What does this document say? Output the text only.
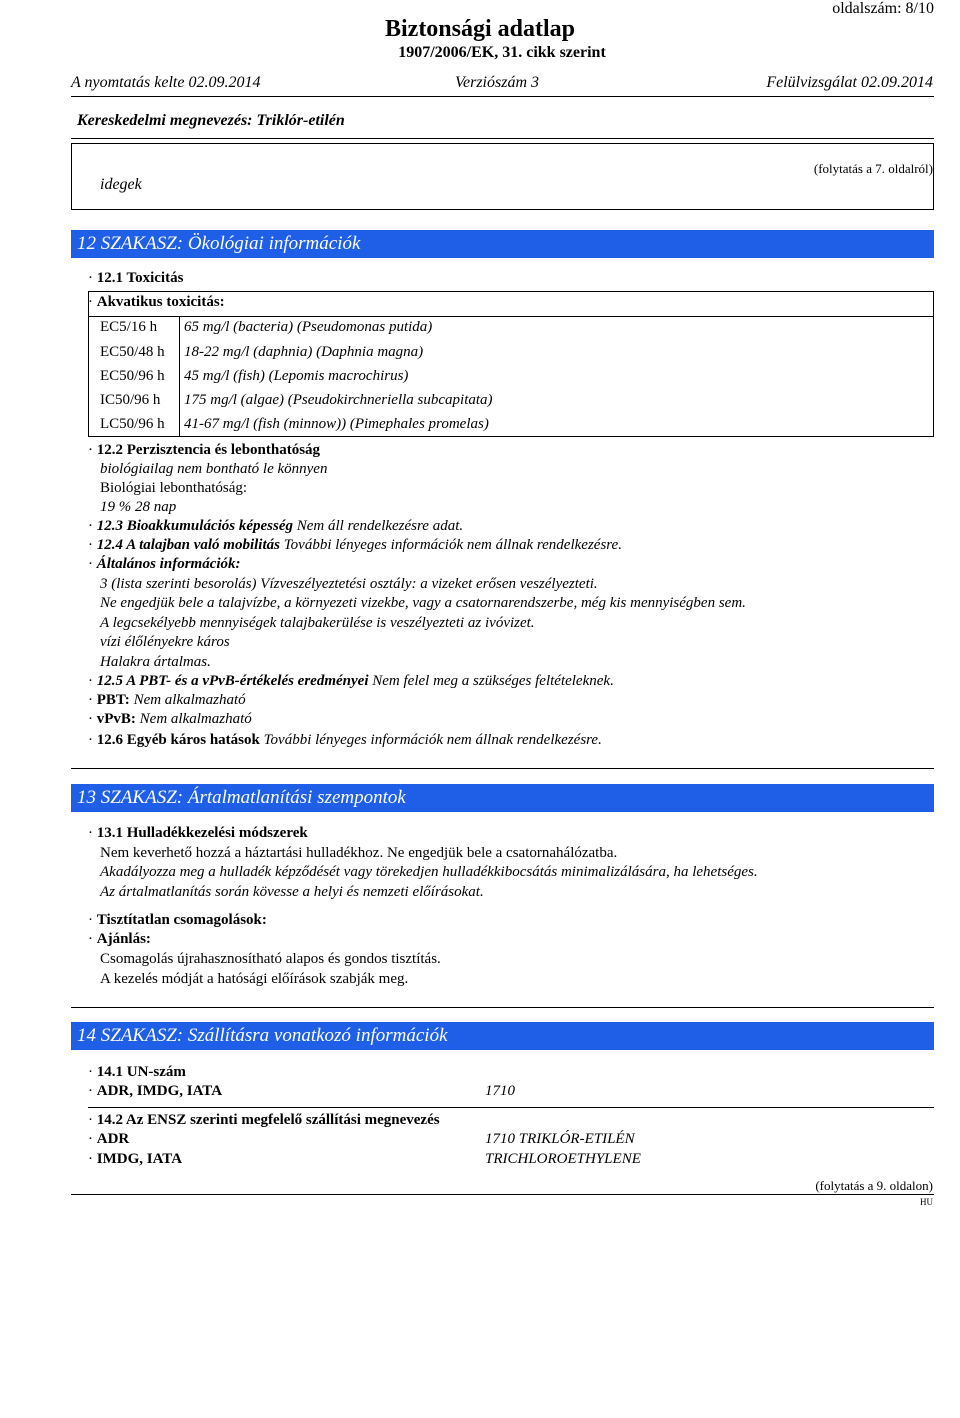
oldalszám: 8/10
Biztonsági adatlap
1907/2006/EK, 31. cikk szerint
A nyomtatás kelte 02.09.2014	Verziószám 3	Felülvizsgálat 02.09.2014
Kereskedelmi megnevezés: Triklór-etilén
idegek
(folytatás a 7. oldalról)
12 SZAKASZ: Ökológiai információk
· 12.1 Toxicitás
· Akvatikus toxicitás:
EC5/16 h 65 mg/l (bacteria) (Pseudomonas putida)
EC50/48 h 18-22 mg/l (daphnia) (Daphnia magna)
EC50/96 h 45 mg/l (fish) (Lepomis macrochirus)
IC50/96 h 175 mg/l (algae) (Pseudokirchneriella subcapitata)
LC50/96 h 41-67 mg/l (fish (minnow)) (Pimephales promelas)
· 12.2 Perzisztencia és lebonthatóság
biológiailag nem bontható le könnyen
Biológiai lebonthatóság:
19 % 28 nap
· 12.3 Bioakkumulációs képesség Nem áll rendelkezésre adat.
· 12.4 A talajban való mobilitás További lényeges információk nem állnak rendelkezésre.
· Általános információk:
3 (lista szerinti besorolás) Vízveszélyeztetési osztály: a vizeket erősen veszélyezteti.
Ne engedjük bele a talajvízbe, a környezeti vizekbe, vagy a csatornarendszerbe, még kis mennyiségben sem.
A legcsekélyebb mennyiségek talajbakerülése is veszélyezteti az ivóvizet.
vízi élőlényekre káros
Halakra ártalmas.
· 12.5 A PBT- és a vPvB-értékelés eredményei Nem felel meg a szükséges feltételeknek.
· PBT: Nem alkalmazható
· vPvB: Nem alkalmazható
· 12.6 Egyéb káros hatások További lényeges információk nem állnak rendelkezésre.
13 SZAKASZ: Ártalmatlanítási szempontok
· 13.1 Hulladékkezelési módszerek
Nem keverhető hozzá a háztartási hulladékhoz. Ne engedjük bele a csatornahálózatba.
Akadályozza meg a hulladék képződését vagy törekedjen hulladékkibocsátás minimalizálására, ha lehetséges.
Az ártalmatlanítás során kövesse a helyi és nemzeti előírásokat.
· Tisztítatlan csomagolások:
· Ajánlás:
Csomagolás újrahasznosítható alapos és gondos tisztítás.
A kezelés módját a hatósági előírások szabják meg.
14 SZAKASZ: Szállításra vonatkozó információk
· 14.1 UN-szám
· ADR, IMDG, IATA	1710
· 14.2 Az ENSZ szerinti megfelelő szállítási megnevezés
· ADR	1710 TRIKLÓR-ETILÉN
· IMDG, IATA	TRICHLOROETHYLENE
(folytatás a 9. oldalon)
HU
